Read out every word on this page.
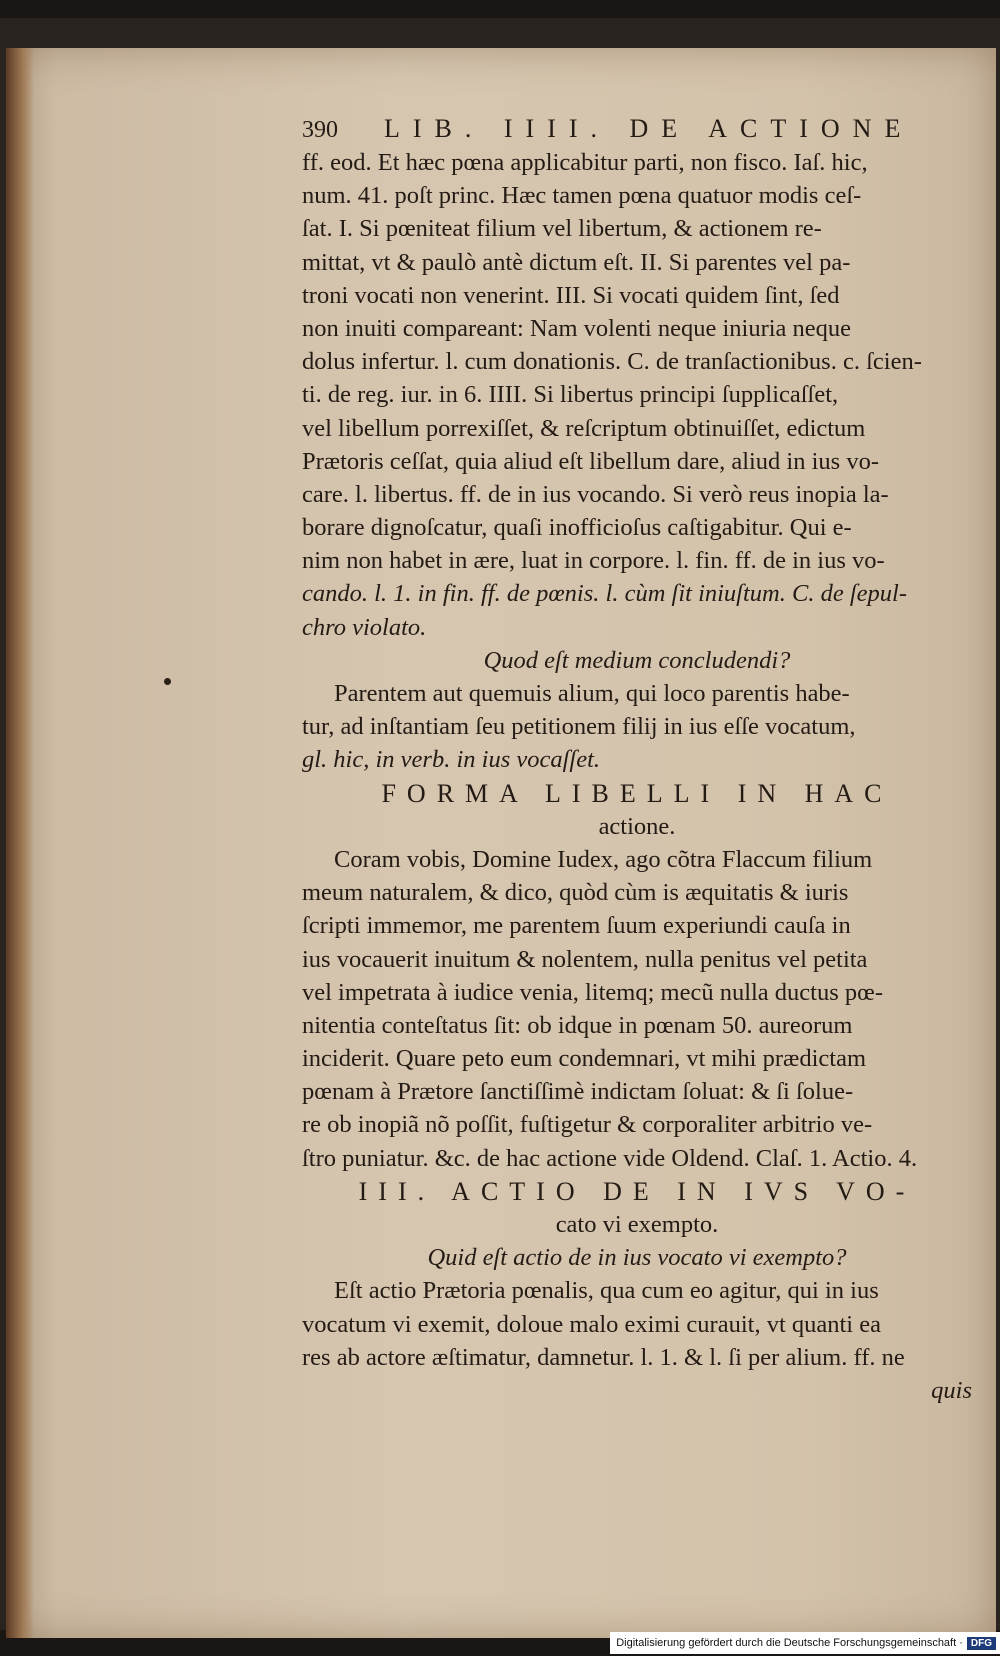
390	LIB. IIII. DE ACTIONE
ff. eod. Et hæc pœna applicabitur parti, non fisco. Iaſ. hic,
num. 41. poſt princ. Hæc tamen pœna quatuor modis ceſ-
ſat. I. Si pœniteat filium vel libertum, & actionem re-
mittat, vt & paulò antè dictum eſt. II. Si parentes vel pa-
troni vocati non venerint. III. Si vocati quidem ſint, ſed
non inuiti compareant: Nam volenti neque iniuria neque
dolus infertur. l. cum donationis. C. de tranſactionibus. c. ſcien-
ti. de reg. iur. in 6. IIII. Si libertus principi ſupplicaſſet,
vel libellum porrexiſſet, & reſcriptum obtinuiſſet, edictum
Prætoris ceſſat, quia aliud eſt libellum dare, aliud in ius vo-
care. l. libertus. ff. de in ius vocando. Si verò reus inopia la-
borare dignoſcatur, quaſi inofficioſus caſtigabitur. Qui e-
nim non habet in ære, luat in corpore. l. fin. ff. de in ius vo-
cando. l. 1. in fin. ff. de pœnis. l. cùm ſit iniuſtum. C. de ſepul-
chro violato.
Quod eſt medium concludendi?
Parentem aut quemuis alium, qui loco parentis habe-
tur, ad inſtantiam ſeu petitionem filij in ius eſſe vocatum,
gl. hic, in verb. in ius vocaſſet.
FORMA LIBELLI IN HAC
actione.
Coram vobis, Domine Iudex, ago cõtra Flaccum filium
meum naturalem, & dico, quòd cùm is æquitatis & iuris
ſcripti immemor, me parentem ſuum experiundi cauſa in
ius vocauerit inuitum & nolentem, nulla penitus vel petita
vel impetrata à iudice venia, litemq; mecũ nulla ductus pœ-
nitentia conteſtatus ſit: ob idque in pœnam 50. aureorum
inciderit. Quare peto eum condemnari, vt mihi prædictam
pœnam à Prætore ſanctiſſimè indictam ſoluat: & ſi ſolue-
re ob inopiã nõ poſſit, fuſtigetur & corporaliter arbitrio ve-
ſtro puniatur. &c. de hac actione vide Oldend. Claſ. 1. Actio. 4.
III. ACTIO DE IN IVS VO-
cato vi exempto.
Quid eſt actio de in ius vocato vi exempto?
Eſt actio Prætoria pœnalis, qua cum eo agitur, qui in ius
vocatum vi exemit, doloue malo eximi curauit, vt quanti ea
res ab actore æſtimatur, damnetur. l. 1. & l. ſi per alium. ff. ne
quis
Digitalisierung gefördert durch die Deutsche Forschungsgemeinschaft · DFG
